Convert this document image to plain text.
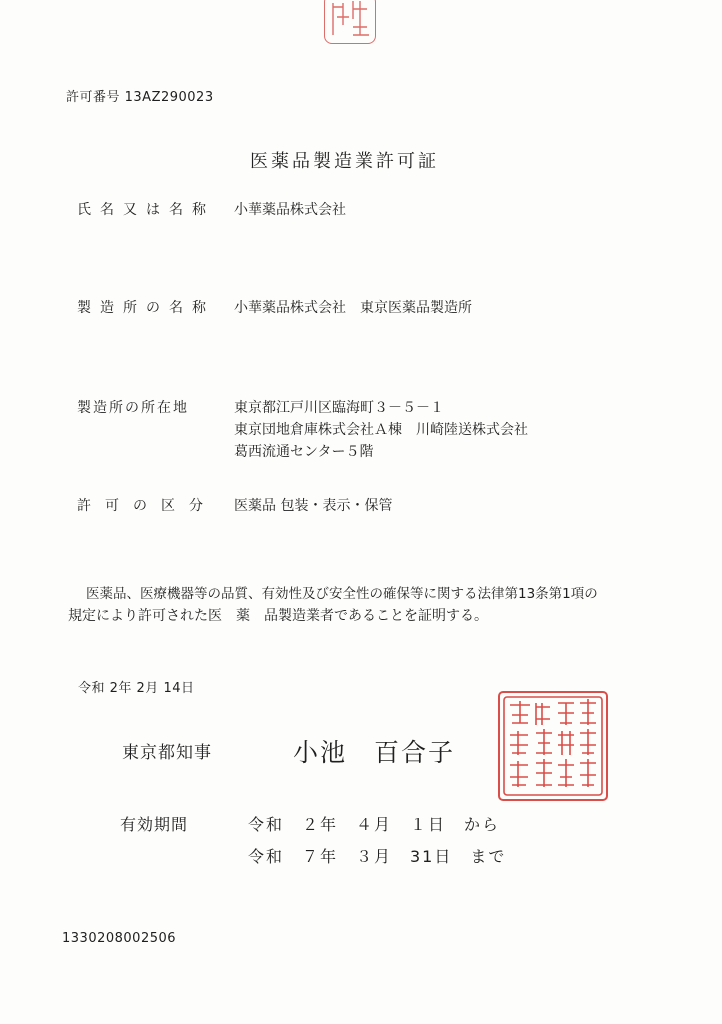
許可番号 13AZ290023
医薬品製造業許可証
氏名又は名称 小華薬品株式会社
製造所の名称 小華薬品株式会社　東京医薬品製造所
製造所の所在地	東京都江戸川区臨海町３－５－１
東京団地倉庫株式会社Ａ棟　川崎陸送株式会社
葛西流通センター５階
許可の区分 医薬品 包装・表示・保管
医薬品、医療機器等の品質、有効性及び安全性の確保等に関する法律第13条第1項の
規定により許可された医　薬　品製造業者であることを証明する。
令和 2年 2月 14日
東京都知事	小池　百合子
有効期間	令和　２年　４月　１日　から
令和　７年　３月　31日　まで
1330208002506
